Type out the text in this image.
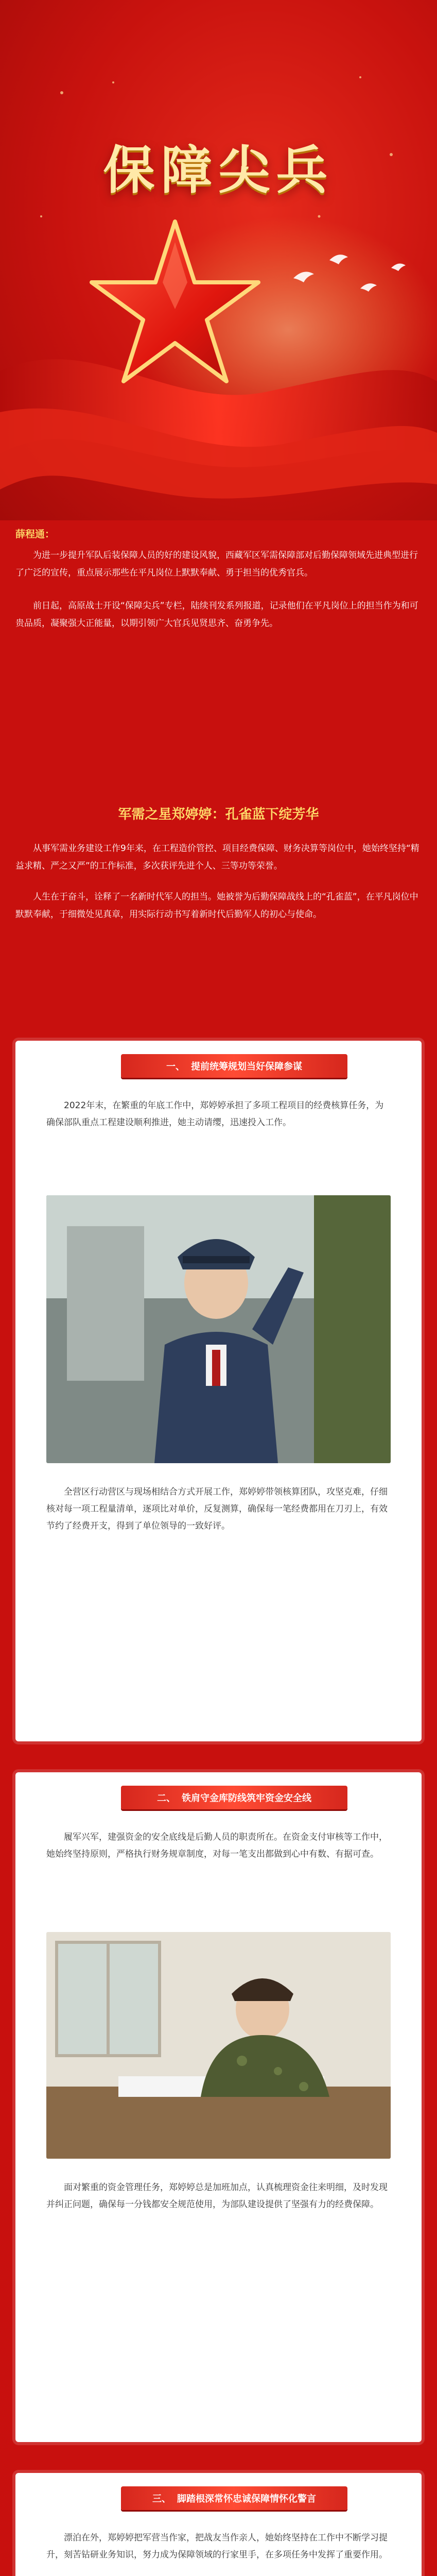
保障尖兵

薛程通：

为进一步提升军队后装保障人员的好的建设风貌，西藏军区军需保障部对后勤保障领域先进典型进行了广泛的宣传，重点展示那些在平凡岗位上默默奉献、勇于担当的优秀官兵。

前日起，高原战士开设“保障尖兵”专栏，陆续刊发系列报道，记录他们在平凡岗位上的担当作为和可贵品质，凝聚强大正能量，以期引领广大官兵见贤思齐、奋勇争先。

军需之星郑婷婷：孔雀蓝下绽芳华

从事军需业务建设工作9年来，在工程造价管控、项目经费保障、财务决算等岗位中，她始终坚持“精益求精、严之又严”的工作标准，多次获评先进个人、三等功等荣誉。

人生在于奋斗，诠释了一名新时代军人的担当。她被誉为后勤保障战线上的“孔雀蓝”，在平凡岗位中默默奉献，于细微处见真章，用实际行动书写着新时代后勤军人的初心与使命。

一、 提前统筹规划当好保障参谋

2022年末，在繁重的年底工作中，郑婷婷承担了多项工程项目的经费核算任务，为确保部队重点工程建设顺利推进，她主动请缨，迅速投入工作。

全营区行动营区与现场相结合方式开展工作，郑婷婷带领核算团队，攻坚克难，仔细核对每一项工程量清单，逐项比对单价，反复测算，确保每一笔经费都用在刀刃上，有效节约了经费开支，得到了单位领导的一致好评。

二、 铁肩守金库防线筑牢资金安全线

履军兴军，建强资金的安全底线是后勤人员的职责所在。在资金支付审核等工作中，她始终坚持原则，严格执行财务规章制度，对每一笔支出都做到心中有数、有据可查。

面对繁重的资金管理任务，郑婷婷总是加班加点，认真梳理资金往来明细，及时发现并纠正问题，确保每一分钱都安全规范使用，为部队建设提供了坚强有力的经费保障。

三、 脚踏根深常怀忠诚保障情怀化警言

漂泊在外，郑婷婷把军营当作家，把战友当作亲人，她始终坚持在工作中不断学习提升，刻苦钻研业务知识，努力成为保障领域的行家里手，在多项任务中发挥了重要作用。
